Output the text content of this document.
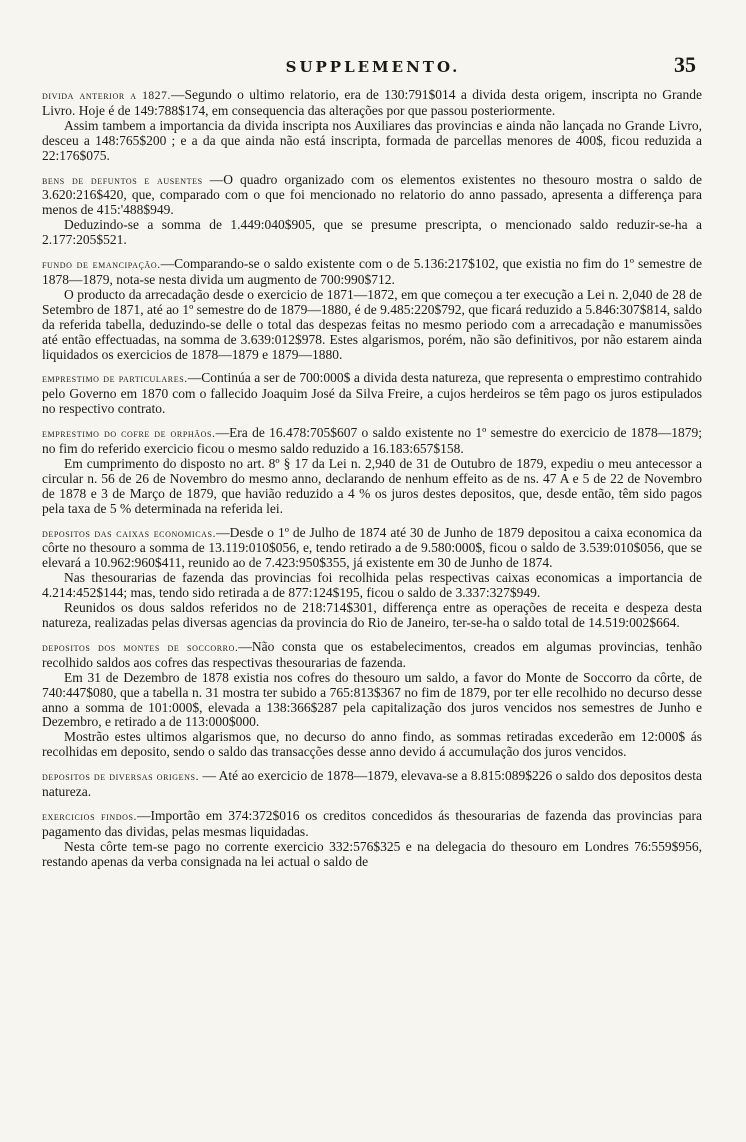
SUPPLEMENTO.	35

divida anterior a 1827.—Segundo o ultimo relatorio, era de 130:791$014 a divida desta origem, inscripta no Grande Livro. Hoje é de 149:788$174, em consequencia das alterações por que passou posteriormente.

Assim tambem a importancia da divida inscripta nos Auxiliares das provincias e ainda não lançada no Grande Livro, desceu a 148:765$200 ; e a da que ainda não está inscripta, formada de parcellas menores de 400$, ficou reduzida a 22:176$075.

bens de defuntos e ausentes —O quadro organizado com os elementos existentes no thesouro mostra o saldo de 3.620:216$420, que, comparado com o que foi mencionado no relatorio do anno passado, apresenta a differença para menos de 415:'488$949.

Deduzindo-se a somma de 1.449:040$905, que se presume prescripta, o mencionado saldo reduzir-se-ha a 2.177:205$521.

fundo de emancipação.—Comparando-se o saldo existente com o de 5.136:217$102, que existia no fim do 1º semestre de 1878—1879, nota-se nesta divida um augmento de 700:990$712.

O producto da arrecadação desde o exercicio de 1871—1872, em que começou a ter execução a Lei n. 2,040 de 28 de Setembro de 1871, até ao 1º semestre do de 1879—1880, é de 9.485:220$792, que ficará reduzido a 5.846:307$814, saldo da referida tabella, deduzindo-se delle o total das despezas feitas no mesmo periodo com a arrecadação e manumissões até então effectuadas, na somma de 3.639:012$978. Estes algarismos, porém, não são definitivos, por não estarem ainda liquidados os exercicios de 1878—1879 e 1879—1880.

emprestimo de particulares.—Continúa a ser de 700:000$ a divida desta natureza, que representa o emprestimo contrahido pelo Governo em 1870 com o fallecido Joaquim José da Silva Freire, a cujos herdeiros se têm pago os juros estipulados no respectivo contrato.

emprestimo do cofre de orphãos.—Era de 16.478:705$607 o saldo existente no 1º semestre do exercicio de 1878—1879; no fim do referido exercicio ficou o mesmo saldo reduzido a 16.183:657$158.

Em cumprimento do disposto no art. 8º § 17 da Lei n. 2,940 de 31 de Outubro de 1879, expediu o meu antecessor a circular n. 56 de 26 de Novembro do mesmo anno, declarando de nenhum effeito as de ns. 47 A e 5 de 22 de Novembro de 1878 e 3 de Março de 1879, que havião reduzido a 4 % os juros destes depositos, que, desde então, têm sido pagos pela taxa de 5 % determinada na referida lei.

depositos das caixas economicas.—Desde o 1º de Julho de 1874 até 30 de Junho de 1879 depositou a caixa economica da côrte no thesouro a somma de 13.119:010$056, e, tendo retirado a de 9.580:000$, ficou o saldo de 3.539:010$056, que se elevará a 10.962:960$411, reunido ao de 7.423:950$355, já existente em 30 de Junho de 1874.

Nas thesourarias de fazenda das provincias foi recolhida pelas respectivas caixas economicas a importancia de 4.214:452$144; mas, tendo sido retirada a de 877:124$195, ficou o saldo de 3.337:327$949.

Reunidos os dous saldos referidos no de 218:714$301, differença entre as operações de receita e despeza desta natureza, realizadas pelas diversas agencias da provincia do Rio de Janeiro, ter-se-ha o saldo total de 14.519:002$664.

depositos dos montes de soccorro.—Não consta que os estabelecimentos, creados em algumas provincias, tenhão recolhido saldos aos cofres das respectivas thesourarias de fazenda.

Em 31 de Dezembro de 1878 existia nos cofres do thesouro um saldo, a favor do Monte de Soccorro da côrte, de 740:447$080, que a tabella n. 31 mostra ter subido a 765:813$367 no fim de 1879, por ter elle recolhido no decurso desse anno a somma de 101:000$, elevada a 138:366$287 pela capitalização dos juros vencidos nos semestres de Junho e Dezembro, e retirado a de 113:000$000.

Mostrão estes ultimos algarismos que, no decurso do anno findo, as sommas retiradas excederão em 12:000$ ás recolhidas em deposito, sendo o saldo das transacções desse anno devido á accumulação dos juros vencidos.

depositos de diversas origens. — Até ao exercicio de 1878—1879, elevava-se a 8.815:089$226 o saldo dos depositos desta natureza.

exercicios findos.—Importão em 374:372$016 os creditos concedidos ás thesourarias de fazenda das provincias para pagamento das dividas, pelas mesmas liquidadas.

Nesta côrte tem-se pago no corrente exercicio 332:576$325 e na delegacia do thesouro em Londres 76:559$956, restando apenas da verba consignada na lei actual o saldo de
